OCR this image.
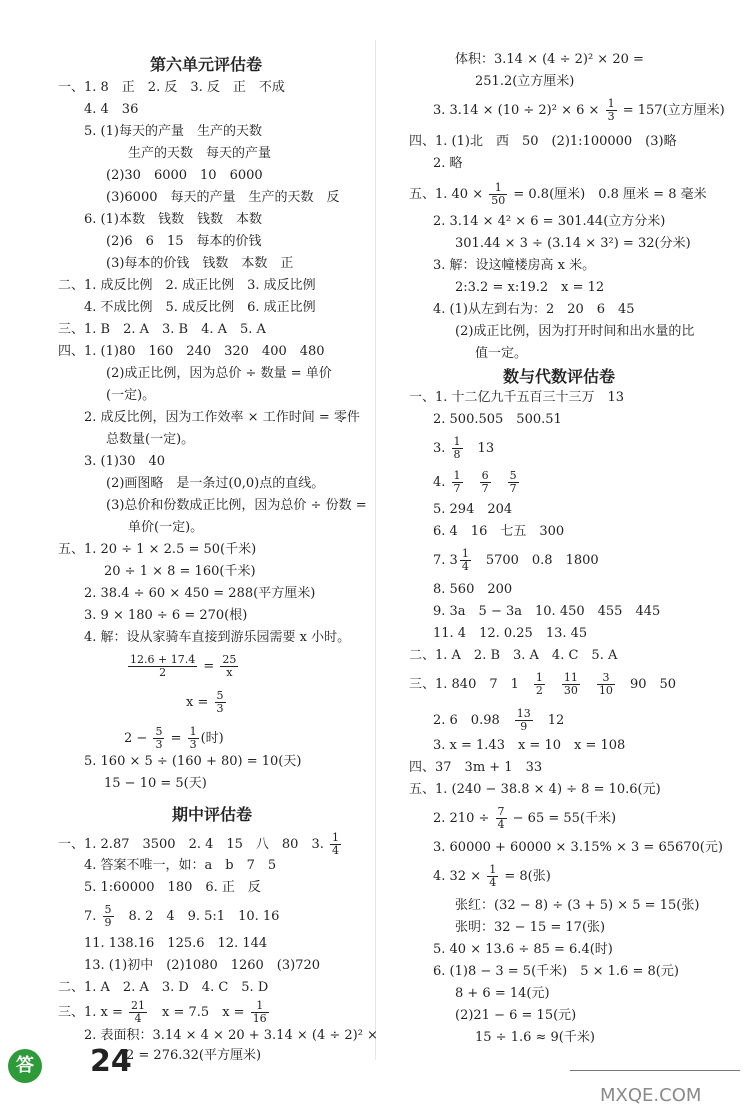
第六单元评估卷
一、1. 8　正　2. 反　3. 反　正　不成
4. 4　36
5. (1)每天的产量　生产的天数
生产的天数　每天的产量
(2)30　6000　10　6000
(3)6000　每天的产量　生产的天数　反
6. (1)本数　钱数　钱数　本数
(2)6　6　15　每本的价钱
(3)每本的价钱　钱数　本数　正
二、1. 成反比例　2. 成正比例　3. 成反比例
4. 不成比例　5. 成反比例　6. 成正比例
三、1. B　2. A　3. B　4. A　5. A
四、1. (1)80　160　240　320　400　480
(2)成正比例，因为总价 ÷ 数量 = 单价
(一定)。
2. 成反比例，因为工作效率 × 工作时间 = 零件
总数量(一定)。
3. (1)30　40
(2)画图略　是一条过(0,0)点的直线。
(3)总价和份数成正比例，因为总价 ÷ 份数 =
单价(一定)。
五、1. 20 ÷ 1 × 2.5 = 50(千米)
20 ÷ 1 × 8 = 160(千米)
2. 38.4 ÷ 60 × 450 = 288(平方厘米)
3. 9 × 180 ÷ 6 = 270(根)
4. 解：设从家骑车直接到游乐园需要 x 小时。
$\frac{12.6 + 17.4}{2} = \frac{25}{x}$
$x = \frac{5}{3}$
$2 - \frac{5}{3} = \frac{1}{3}$ (时)
5. 160 × 5 ÷ (160 + 80) = 10(天)
15 − 10 = 5(天)
期中评估卷
一、1. 2.87　3500　2. 4　15　八　80　3. $\frac{1}{4}$
4. 答案不唯一，如：a　b　7　5
5. 1:60000　180　6. 正　反
7. $\frac{5}{9}$ 　8. 2　4　9. 5:1　10. 16
11. 138.16　125.6　12. 144
13. (1)初中　(2)1080　1260　(3)720
二、1. A　2. A　3. D　4. C　5. D
三、1. $x = \frac{21}{4}$ 　x = 7.5　$x = \frac{1}{16}$
2. 表面积：3.14 × 4 × 20 + 3.14 × (4 ÷ 2)² ×
2 = 276.32(平方厘米)
体积：3.14 × (4 ÷ 2)² × 20 =
251.2(立方厘米)
3. $3.14 \times (10 \div 2)^2 \times 6 \times \frac{1}{3} = 157$(立方厘米)
四、1. (1)北　西　50　(2)1:100000　(3)略
2. 略
五、1. $40 \times \frac{1}{50} = 0.8$(厘米)　0.8 厘米 = 8 毫米
2. 3.14 × 4² × 6 = 301.44(立方分米)
301.44 × 3 ÷ (3.14 × 3²) = 32(分米)
3. 解：设这幢楼房高 x 米。
2:3.2 = x:19.2　x = 12
4. (1)从左到右为：2　20　6　45
(2)成正比例，因为打开时间和出水量的比
值一定。
数与代数评估卷
一、1. 十二亿九千五百三十三万　13
2. 500.505　500.51
3. $\frac{1}{8}$ 　13
4. $\frac{1}{7}$
　 $\frac{6}{7}$
　 $\frac{5}{7}$
5. 294　204
6. 4　16　七五　300
7. $3 \frac{1}{4}$ 　5700　0.8　1800
8. 560　200
9. 3a　5 − 3a　10. 450　455　445
11. 4　12. 0.25　13. 45
二、1. A　2. B　3. A　4. C　5. A
三、1. 840　7　1　 $\frac{1}{2}$
　 $\frac{11}{30}$
　 $\frac{3}{10}$ 　90　50
2. 6　0.98　 $\frac{13}{9}$ 　12
3. x = 1.43　x = 10　x = 108
四、37　3m + 1　33
五、1. (240 − 38.8 × 4) ÷ 8 = 10.6(元)
2. $210 \div \frac{7}{4} - 65 = 55$(千米)
3. 60000 + 60000 × 3.15% × 3 = 65670(元)
4. $32 \times \frac{1}{4} = 8$(张)
张红：(32 − 8) ÷ (3 + 5) × 5 = 15(张)
张明：32 − 15 = 17(张)
5. 40 × 13.6 ÷ 85 = 6.4(时)
6. (1)8 − 3 = 5(千米)　5 × 1.6 = 8(元)
8 + 6 = 14(元)
(2)21 − 6 = 15(元)
15 ÷ 1.6 ≈ 9(千米)
答 24
MXQE.COM
